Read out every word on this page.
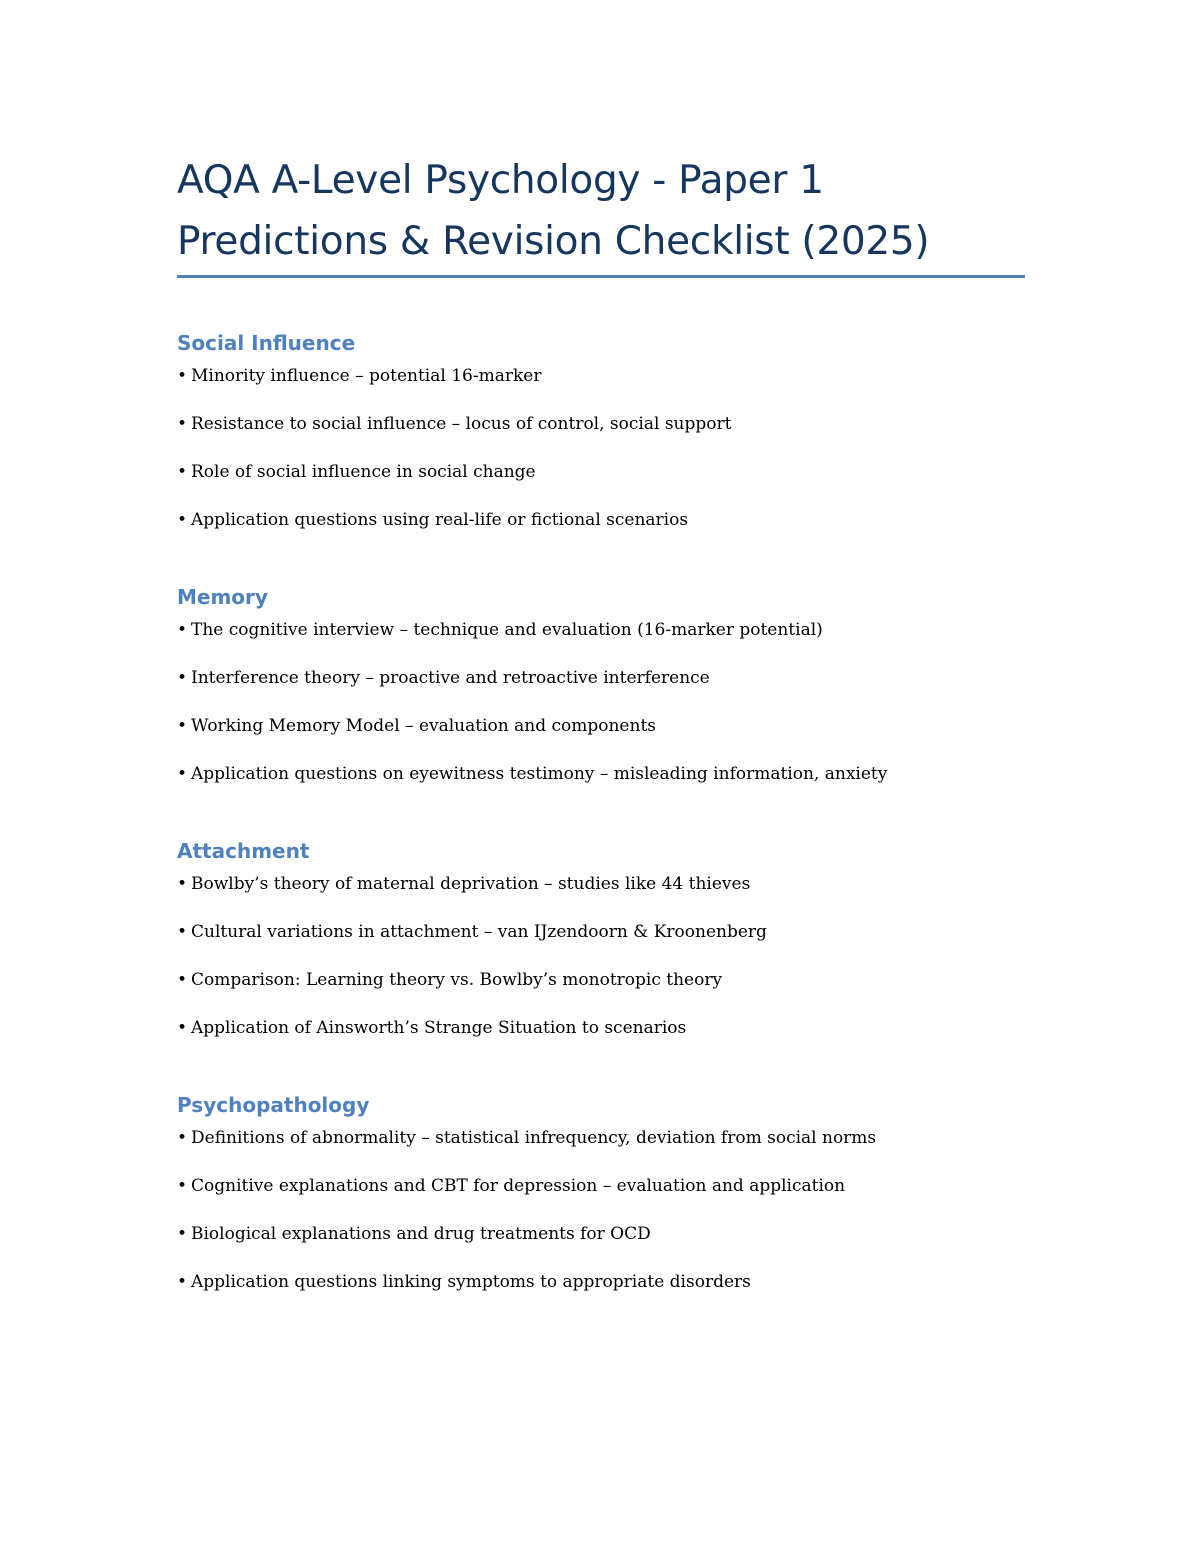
AQA A-Level Psychology - Paper 1
Predictions & Revision Checklist (2025)
Social Influence
• Minority influence – potential 16-marker
• Resistance to social influence – locus of control, social support
• Role of social influence in social change
• Application questions using real-life or fictional scenarios
Memory
• The cognitive interview – technique and evaluation (16-marker potential)
• Interference theory – proactive and retroactive interference
• Working Memory Model – evaluation and components
• Application questions on eyewitness testimony – misleading information, anxiety
Attachment
• Bowlby’s theory of maternal deprivation – studies like 44 thieves
• Cultural variations in attachment – van IJzendoorn & Kroonenberg
• Comparison: Learning theory vs. Bowlby’s monotropic theory
• Application of Ainsworth’s Strange Situation to scenarios
Psychopathology
• Definitions of abnormality – statistical infrequency, deviation from social norms
• Cognitive explanations and CBT for depression – evaluation and application
• Biological explanations and drug treatments for OCD
• Application questions linking symptoms to appropriate disorders
